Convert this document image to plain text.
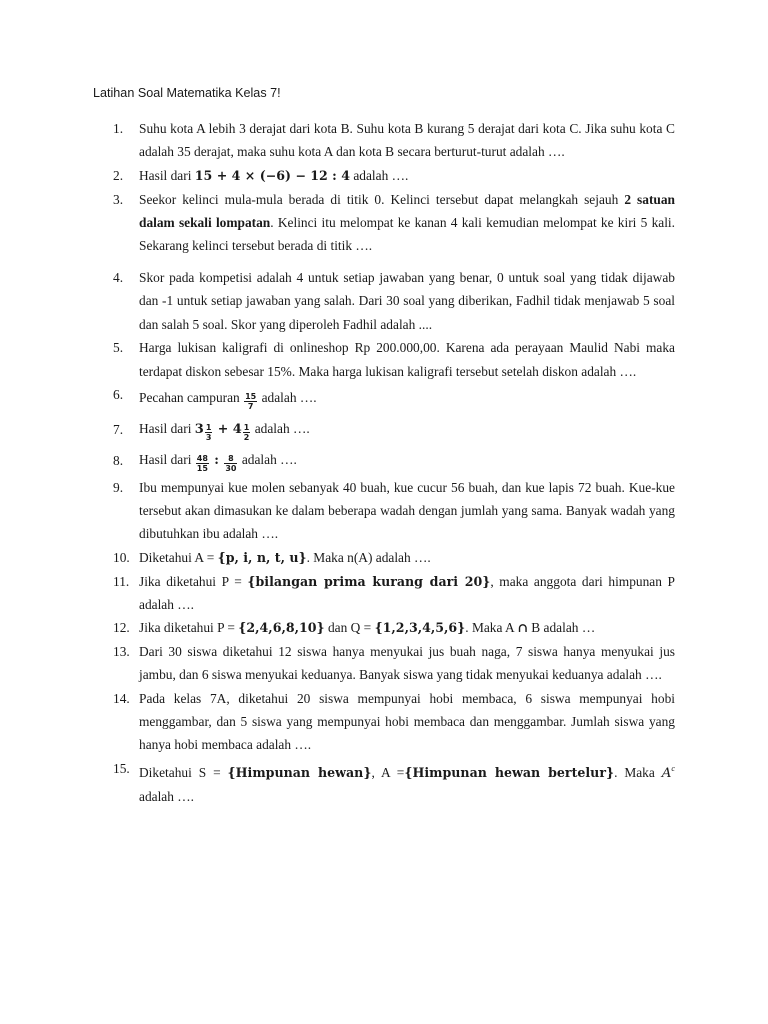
Latihan Soal Matematika Kelas 7!
1.	Suhu kota A lebih 3 derajat dari kota B. Suhu kota B kurang 5 derajat dari kota C. Jika suhu kota C adalah 35 derajat, maka suhu kota A dan kota B secara berturut-turut adalah ….
2.	Hasil dari 15 + 4 × (−6) − 12 : 4 adalah ….
3.	Seekor kelinci mula-mula berada di titik 0. Kelinci tersebut dapat melangkah sejauh 2 satuan dalam sekali lompatan. Kelinci itu melompat ke kanan 4 kali kemudian melompat ke kiri 5 kali. Sekarang kelinci tersebut berada di titik ….
4.	Skor pada kompetisi adalah 4 untuk setiap jawaban yang benar, 0 untuk soal yang tidak dijawab dan -1 untuk setiap jawaban yang salah. Dari 30 soal yang diberikan, Fadhil tidak menjawab 5 soal dan salah 5 soal. Skor yang diperoleh Fadhil adalah ....
5.	Harga lukisan kaligrafi di onlineshop Rp 200.000,00. Karena ada perayaan Maulid Nabi maka terdapat diskon sebesar 15%. Maka harga lukisan kaligrafi tersebut setelah diskon adalah ….
6.	Pecahan campuran $\frac{15}{7}$ adalah ….
7.	Hasil dari $3 \frac{1}{3} + 4 \frac{1}{2}$ adalah ….
8.	Hasil dari $\frac{48}{15}$ : $\frac{8}{30}$ adalah ….
9.	Ibu mempunyai kue molen sebanyak 40 buah, kue cucur 56 buah, dan kue lapis 72 buah. Kue-kue tersebut akan dimasukan ke dalam beberapa wadah dengan jumlah yang sama. Banyak wadah yang dibutuhkan ibu adalah ….
10. Diketahui A = {p, i, n, t, u}. Maka n(A) adalah ….
11. Jika diketahui P = {bilangan prima kurang dari 20}, maka anggota dari himpunan P adalah ….
12. Jika diketahui P = {2,4,6,8,10} dan Q = {1,2,3,4,5,6}. Maka A ∩ B adalah …
13. Dari 30 siswa diketahui 12 siswa hanya menyukai jus buah naga, 7 siswa hanya menyukai jus jambu, dan 6 siswa menyukai keduanya. Banyak siswa yang tidak menyukai keduanya adalah ….
14. Pada kelas 7A, diketahui 20 siswa mempunyai hobi membaca, 6 siswa mempunyai hobi menggambar, dan 5 siswa yang mempunyai hobi membaca dan menggambar. Jumlah siswa yang hanya hobi membaca adalah ….
15. Diketahui S = {Himpunan hewan}, A ={Himpunan hewan bertelur}. Maka $A^c$ adalah ….
